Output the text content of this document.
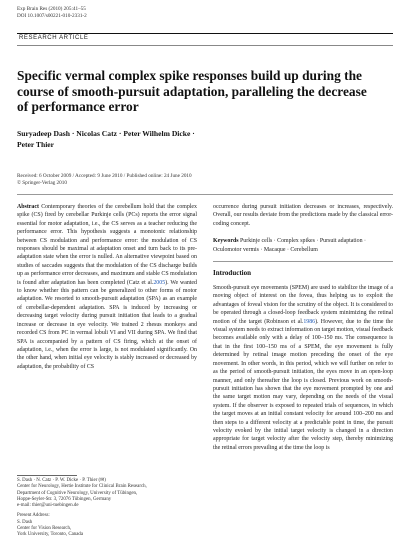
Exp Brain Res (2010) 205:41–55
DOI 10.1007/s00221-010-2331-2
RESEARCH ARTICLE
Specific vermal complex spike responses build up during the course of smooth-pursuit adaptation, paralleling the decrease of performance error
Suryadeep Dash · Nicolas Catz · Peter Wilhelm Dicke ·
Peter Thier
Received: 6 October 2009 / Accepted: 9 June 2010 / Published online: 24 June 2010
© Springer-Verlag 2010

Abstract Contemporary theories of the cerebellum hold that the complex spike (CS) fired by cerebellar Purkinje cells (PCs) reports the error signal essential for motor adaptation, i.e., the CS serves as a teacher reducing the performance error. This hypothesis suggests a monotonic relationship between CS modulation and performance error: the modulation of CS responses should be maximal at adaptation onset and turn back to its pre-adaptation state when the error is nulled. An alternative viewpoint based on studies of saccades suggests that the modulation of the CS discharge builds up as performance error decreases, and maximum and stable CS modulation is found after adaptation has been completed (Catz et al.2005). We wanted to know whether this pattern can be generalized to other forms of motor adaptation. We resorted to smooth-pursuit adaptation (SPA) as an example of cerebellar-dependent adaptation. SPA is induced by increasing or decreasing target velocity during pursuit initiation that leads to a gradual increase or decrease in eye velocity. We trained 2 rhesus monkeys and recorded CS from PC in vermal lobuli VI and VII during SPA. We find that SPA is accompanied by a pattern of CS firing, which at the onset of adaptation, i.e., when the error is large, is not modulated significantly. On the other hand, when initial eye velocity is stably increased or decreased by adaptation, the probability of CS

S. Dash · N. Catz · P. W. Dicke · P. Thier (✉)

Center for Neurology, Hertie Institute for Clinical Brain Research,

Department of Cognitive Neurology, University of Tübingen,

Hoppe-Seyler-Str. 3, 72076 Tübingen, Germany

e-mail: thier@uni-tuebingen.de

Present Address:

S. Dash

Center for Vision Research,

York University, Toronto, Canada

occurrence during pursuit initiation decreases or increases, respectively. Overall, our results deviate from the predictions made by the classical error-coding concept.

Keywords Purkinje cells · Complex spikes · Pursuit adaptation · Oculomotor vermis · Macaque · Cerebellum

Introduction

Smooth-pursuit eye movements (SPEM) are used to stabilize the image of a moving object of interest on the fovea, thus helping us to exploit the advantages of foveal vision for the scrutiny of the object. It is considered to be operated through a closed-loop feedback system minimizing the retinal motion of the target (Robinson et al.1986). However, due to the time the visual system needs to extract information on target motion, visual feedback becomes available only with a delay of 100–150 ms. The consequence is that in the first 100–150 ms of a SPEM, the eye movement is fully determined by retinal image motion preceding the onset of the eye movement. In other words, in this period, which we will further on refer to as the period of smooth-pursuit initiation, the eyes move in an open-loop manner, and only thereafter the loop is closed. Previous work on smooth-pursuit initiation has shown that the eye movement prompted by one and the same target motion may vary, depending on the needs of the visual system. If the observer is exposed to repeated trials of sequences, in which the target moves at an initial constant velocity for around 100–200 ms and then steps to a different velocity at a predictable point in time, the pursuit velocity evoked by the initial target velocity is changed in a direction appropriate for target velocity after the velocity step, thereby minimizing the retinal errors prevailing at the time the loop is
